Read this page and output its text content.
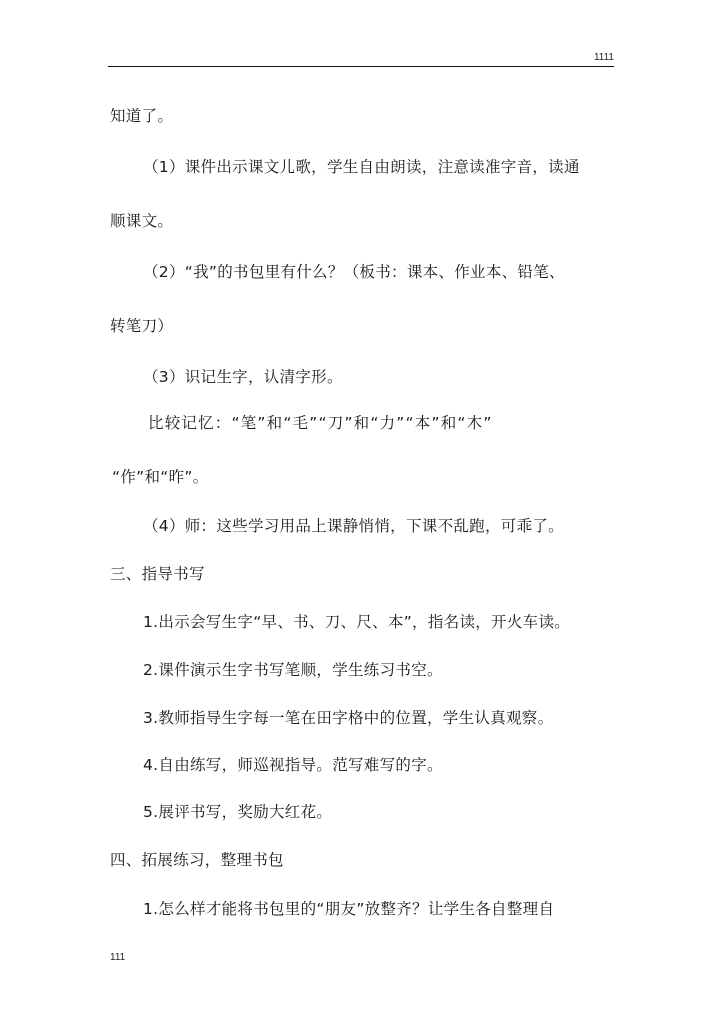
1111
知道了。
（1）课件出示课文儿歌，学生自由朗读，注意读准字音，读通
顺课文。
（2）“我”的书包里有什么？（板书：课本、作业本、铅笔、
转笔刀）
（3）识记生字，认清字形。
比较记忆：“笔”和“毛”“刀”和“力”“本”和“木”
“作”和“昨”。
（4）师：这些学习用品上课静悄悄，下课不乱跑，可乖了。
三、指导书写
1.出示会写生字“早、书、刀、尺、本”，指名读，开火车读。
2.课件演示生字书写笔顺，学生练习书空。
3.教师指导生字每一笔在田字格中的位置，学生认真观察。
4.自由练写，师巡视指导。范写难写的字。
5.展评书写，奖励大红花。
四、拓展练习，整理书包
1.怎么样才能将书包里的“朋友”放整齐？让学生各自整理自
111
